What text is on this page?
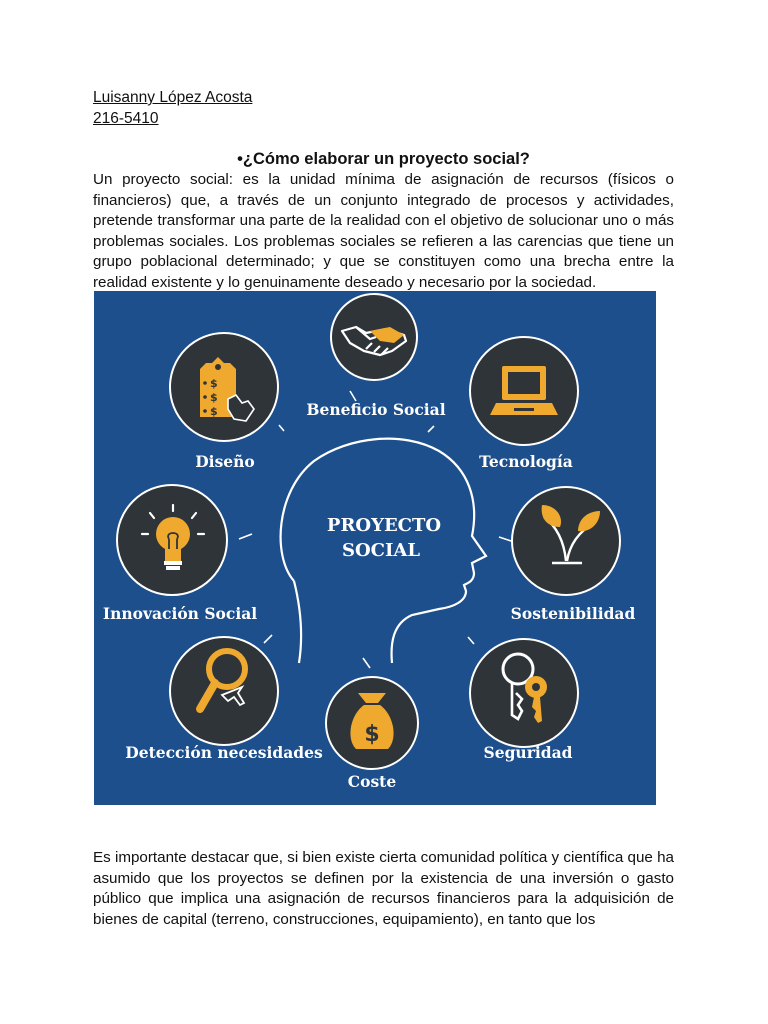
Luisanny López Acosta
216-5410
•¿Cómo elaborar un proyecto social?

Un proyecto social: es la unidad mínima de asignación de recursos (físicos o financieros) que, a través de un conjunto integrado de procesos y actividades, pretende transformar una parte de la realidad con el objetivo de solucionar uno o más problemas sociales. Los problemas sociales se refieren a las carencias que tiene un grupo poblacional determinado; y que se constituyen como una brecha entre la realidad existente y lo genuinamente deseado y necesario por la sociedad.

PROYECTO
SOCIAL
Beneficio Social
$
$
$
Diseño	Tecnología
Innovación Social	Sostenibilidad
Detección necesidades
$
Coste
Seguridad

Es importante destacar que, si bien existe cierta comunidad política y científica que ha asumido que los proyectos se definen por la existencia de una inversión o gasto público que implica una asignación de recursos financieros para la adquisición de bienes de capital (terreno, construcciones, equipamiento), en tanto que los
